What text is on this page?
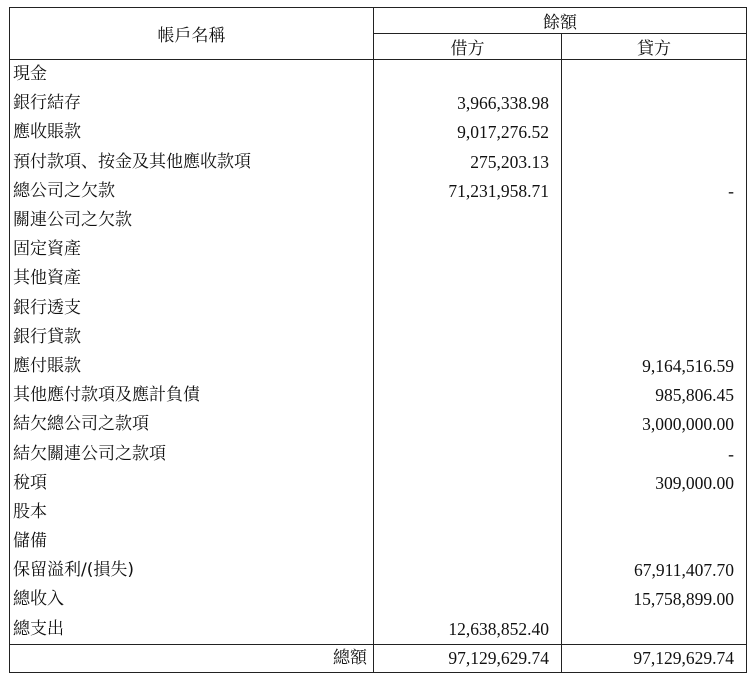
帳戶名稱	餘額	
	借方	貸方
現金		
銀行結存	3,966,338.98	
應收賬款	9,017,276.52	
預付款項、按金及其他應收款項	275,203.13	
總公司之欠款	71,231,958.71	-
關連公司之欠款		
固定資產		
其他資產		
銀行透支		
銀行貸款		
應付賬款		9,164,516.59
其他應付款項及應計負債		985,806.45
結欠總公司之款項		3,000,000.00
結欠關連公司之款項		-
稅項		309,000.00
股本		
儲備		
保留溢利/(損失)		67,911,407.70
總收入		15,758,899.00
總支出	12,638,852.40	
總額	97,129,629.74	97,129,629.74
